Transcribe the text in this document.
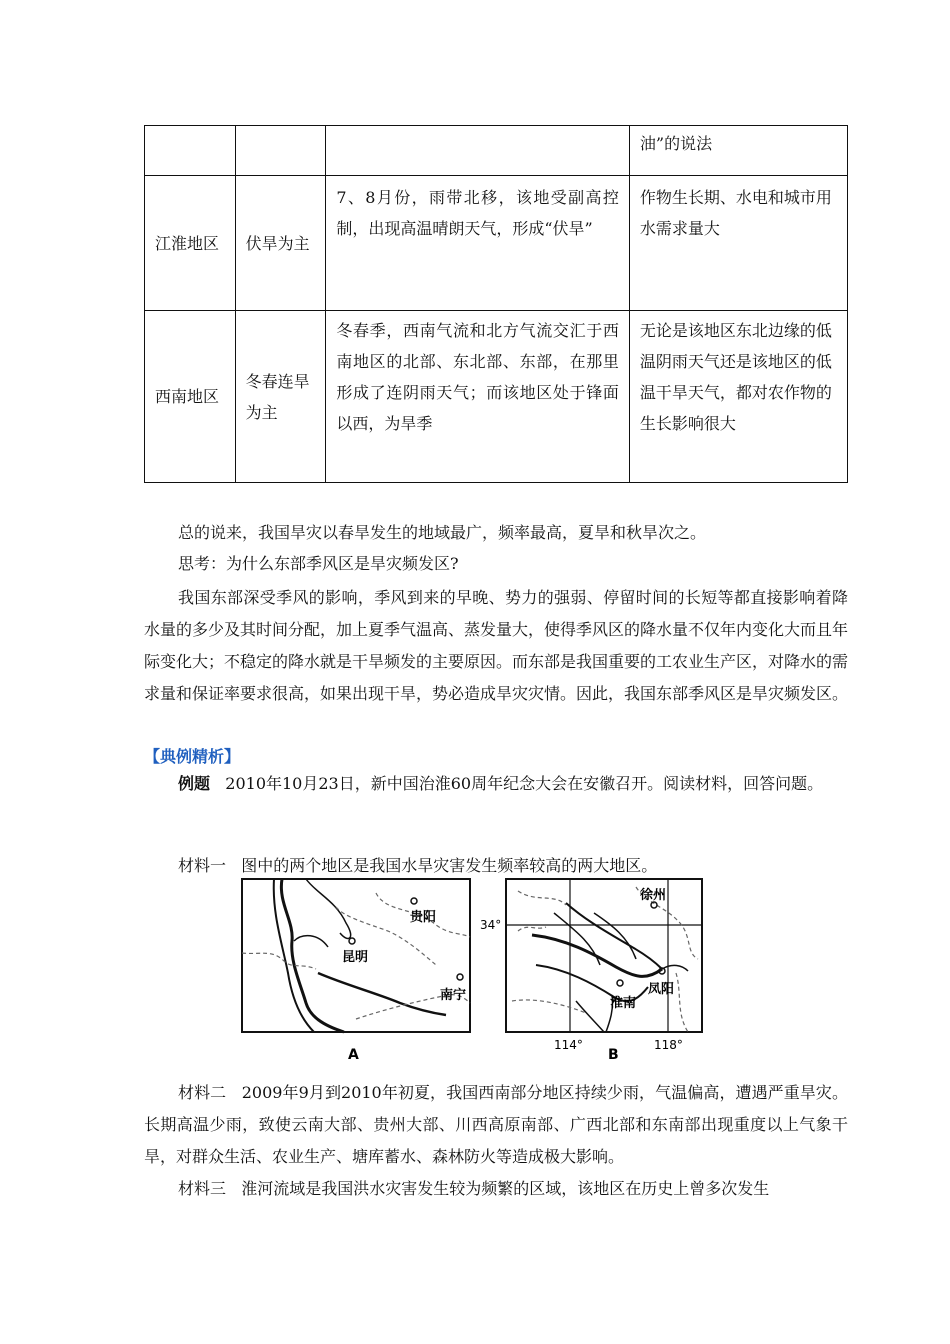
			油”的说法
江淮地区	伏旱为主	7、8月份，雨带北移，该地受副高控制，出现高温晴朗天气，形成“伏旱”	作物生长期、水电和城市用水需求量大
西南地区	冬春连旱为主	冬春季，西南气流和北方气流交汇于西南地区的北部、东北部、东部，在那里形成了连阴雨天气；而该地区处于锋面以西，为旱季	无论是该地区东北边缘的低温阴雨天气还是该地区的低温干旱天气，都对农作物的生长影响很大
总的说来，我国旱灾以春旱发生的地域最广，频率最高，夏旱和秋旱次之。
思考：为什么东部季风区是旱灾频发区?
我国东部深受季风的影响，季风到来的早晚、势力的强弱、停留时间的长短等都直接影响着降水量的多少及其时间分配，加上夏季气温高、蒸发量大，使得季风区的降水量不仅年内变化大而且年际变化大；不稳定的降水就是干旱频发的主要原因。而东部是我国重要的工农业生产区，对降水的需求量和保证率要求很高，如果出现干旱，势必造成旱灾灾情。因此，我国东部季风区是旱灾频发区。
【典例精析】
例题 2010年10月23日，新中国治淮60周年纪念大会在安徽召开。阅读材料，回答问题。
材料一 图中的两个地区是我国水旱灾害发生频率较高的两大地区。
贵阳
昆明
南宁
A
徐州
凤阳
淮南
34°
114°	118°
B
材料二 2009年9月到2010年初夏，我国西南部分地区持续少雨，气温偏高，遭遇严重旱灾。长期高温少雨，致使云南大部、贵州大部、川西高原南部、广西北部和东南部出现重度以上气象干旱，对群众生活、农业生产、塘库蓄水、森林防火等造成极大影响。
材料三 淮河流域是我国洪水灾害发生较为频繁的区域，该地区在历史上曾多次发生
